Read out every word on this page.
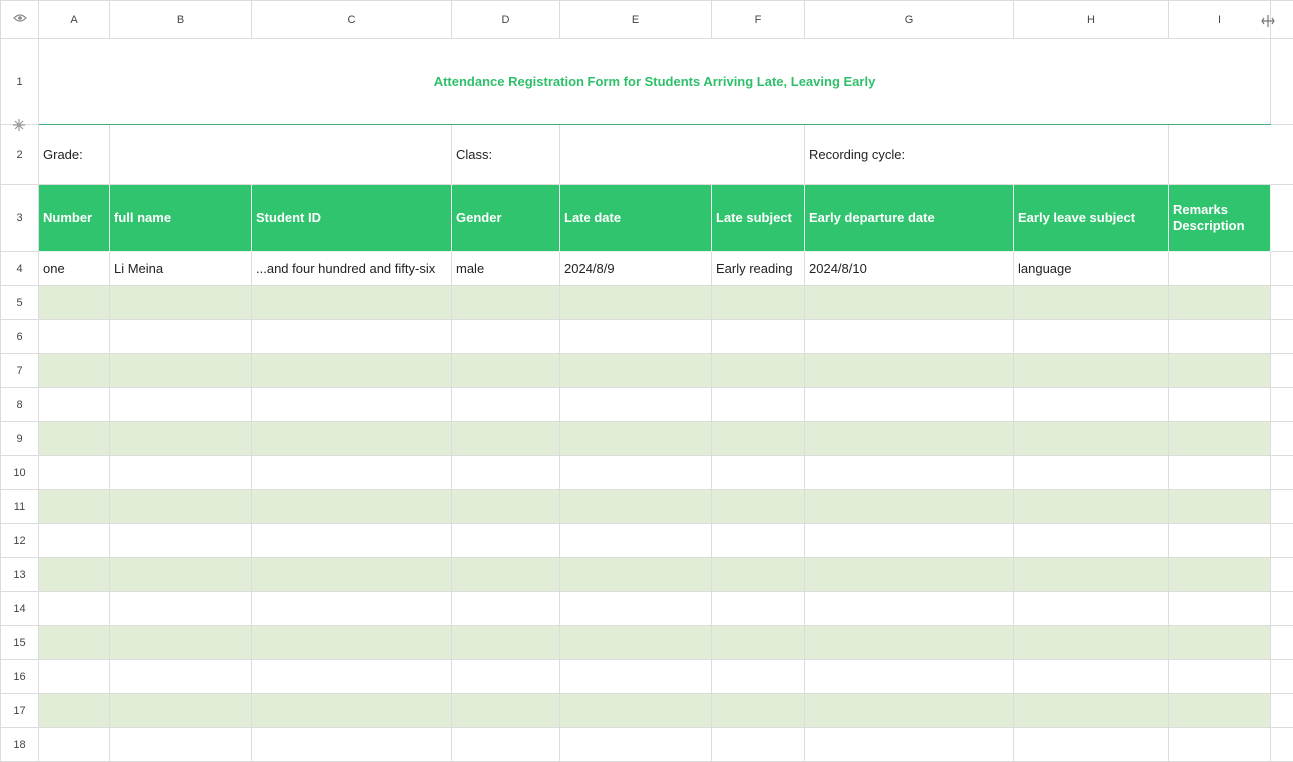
	A	B	C	D	E	F	G	H	I	
1	Attendance Registration Form for Students Arriving Late, Leaving Early									
2	Grade:			Class:			Recording cycle:			
3	Number	full name	Student ID	Gender	Late date	Late subject	Early departure date	Early leave subject	Remarks Description	
4	one	Li Meina	...and four hundred and fifty-six	male	2024/8/9	Early reading	2024/8/10	language		
5										
6										
7										
8										
9										
10										
11										
12										
13										
14										
15										
16										
17										
18										
